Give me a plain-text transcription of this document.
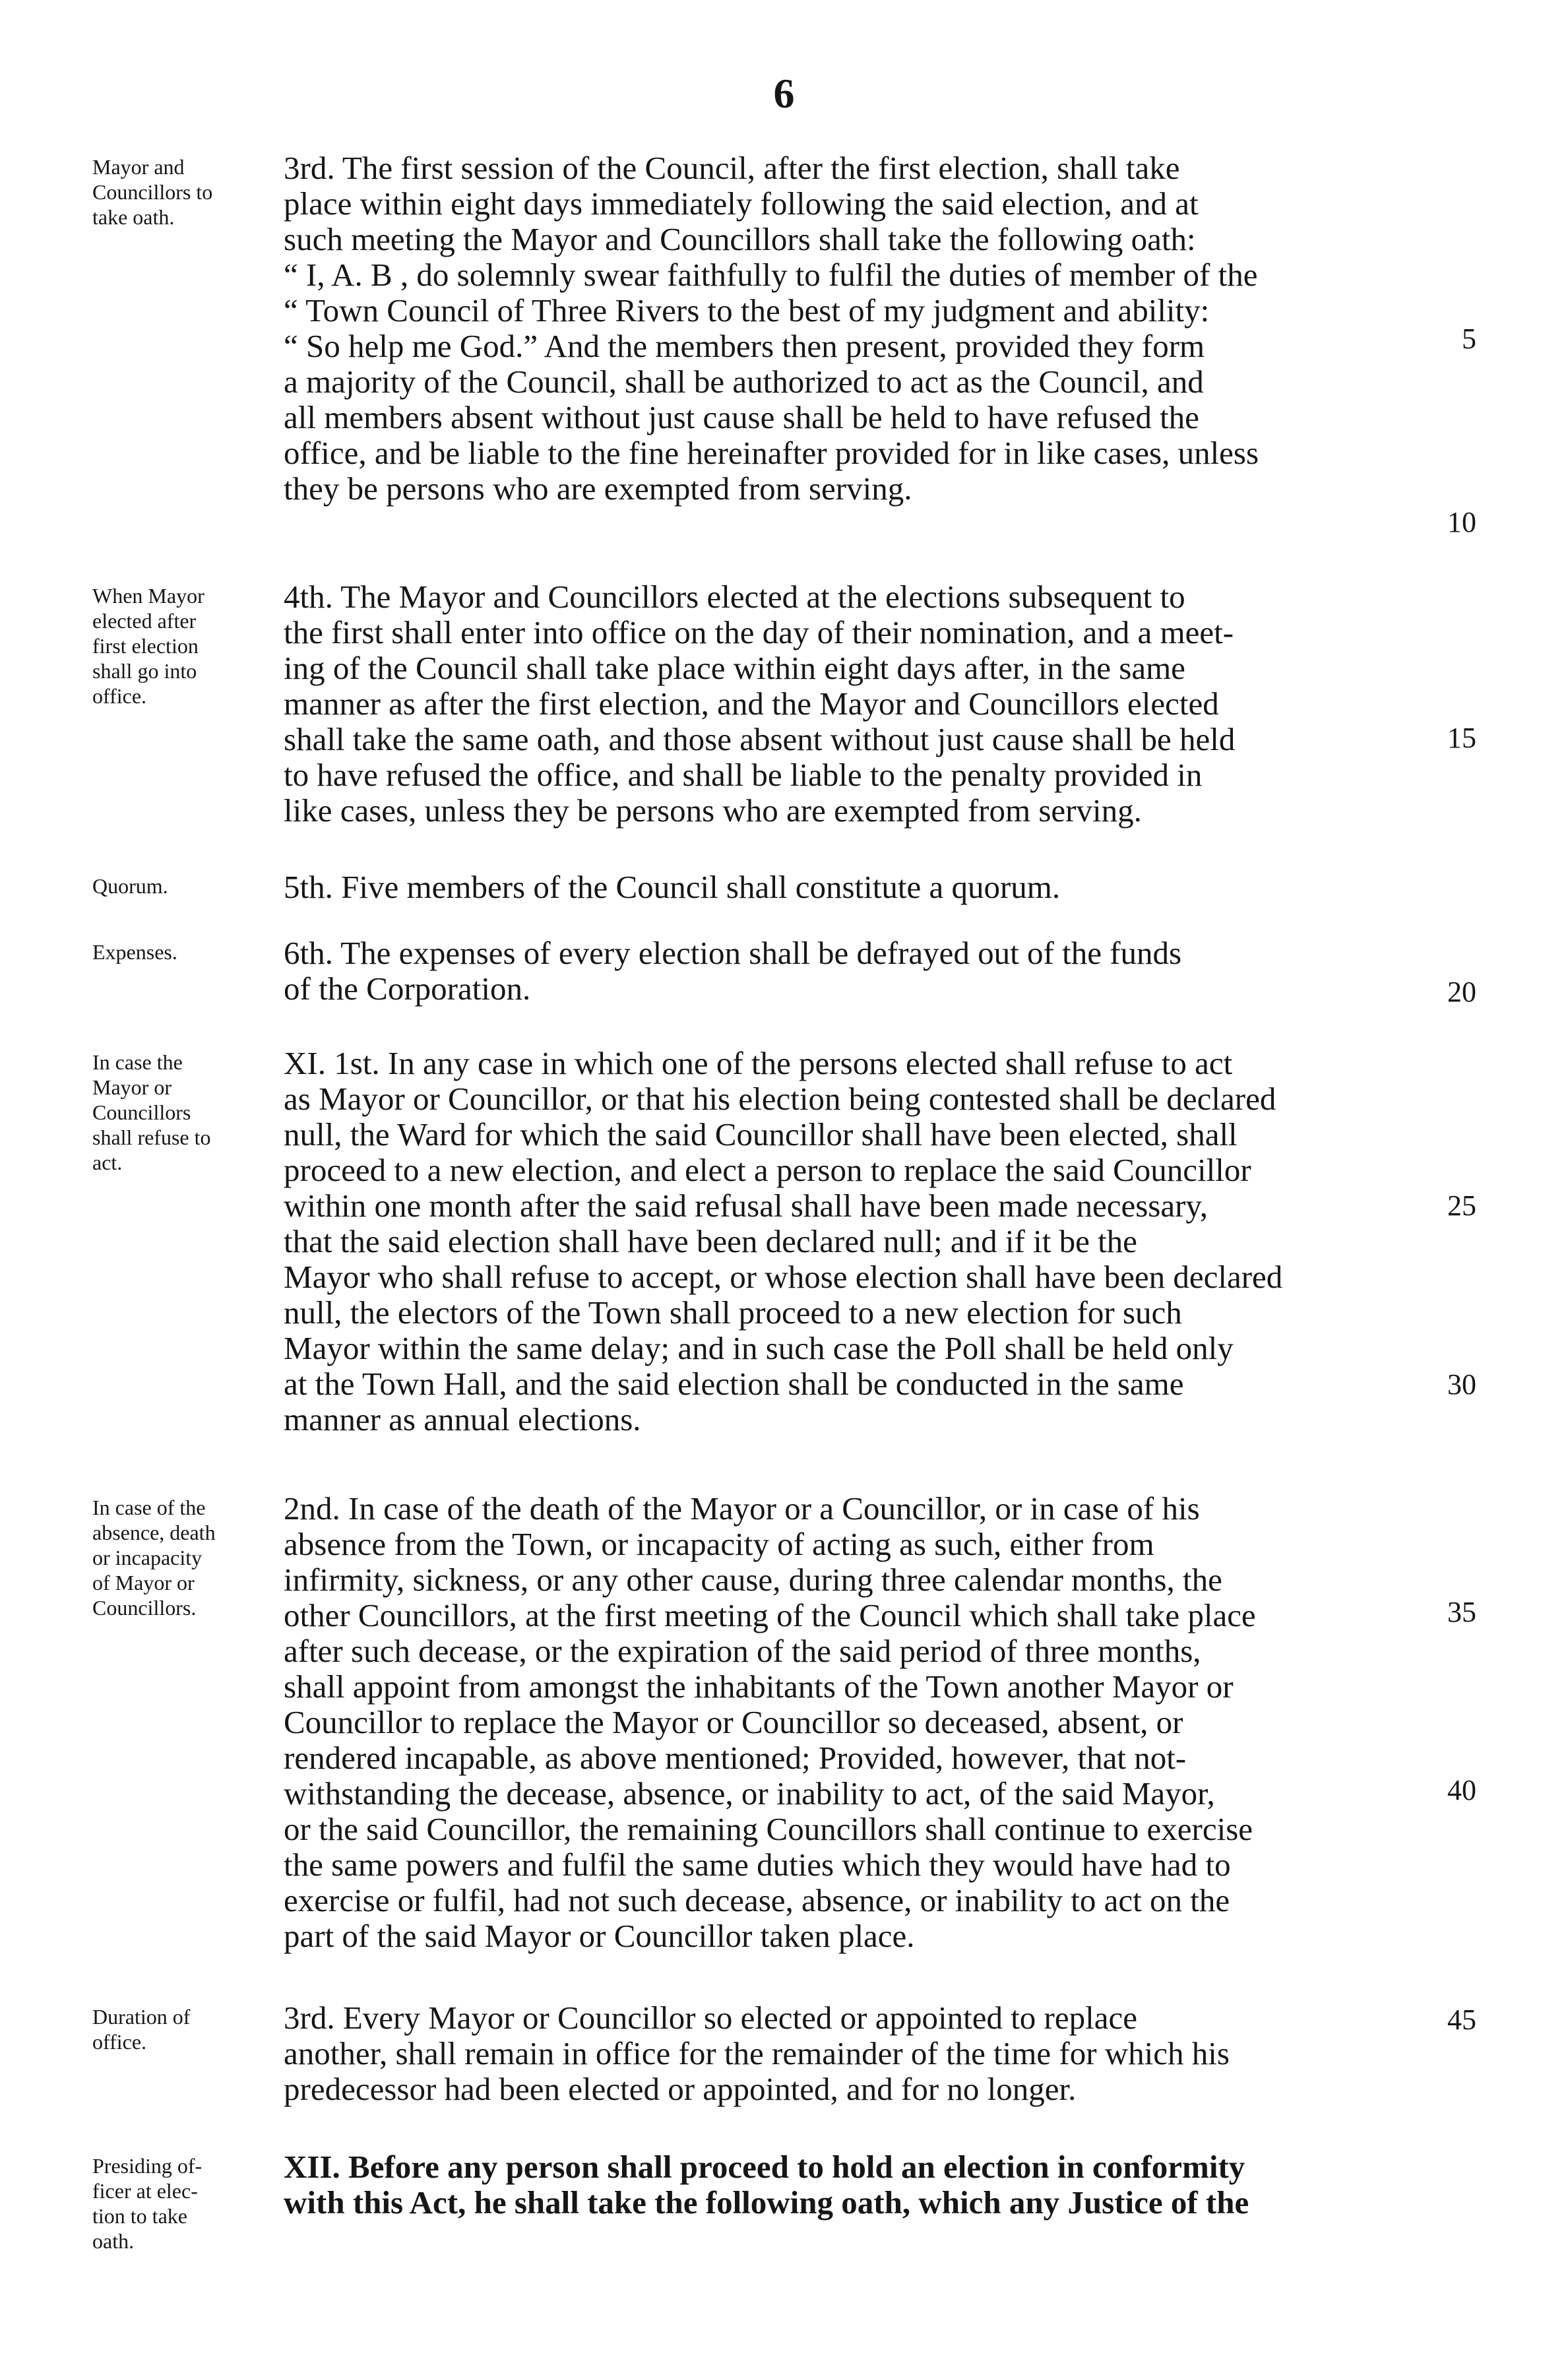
6
Mayor and
Councillors to
take oath.
3rd. The first session of the Council, after the first election, shall take
place within eight days immediately following the said election, and at
such meeting the Mayor and Councillors shall take the following oath:
“ I, A. B , do solemnly swear faithfully to fulfil the duties of member of the
“ Town Council of Three Rivers to the best of my judgment and ability:
“ So help me God.” And the members then present, provided they form
a majority of the Council, shall be authorized to act as the Council, and
all members absent without just cause shall be held to have refused the
office, and be liable to the fine hereinafter provided for in like cases, unless
they be persons who are exempted from serving.
When Mayor
elected after
first election
shall go into
office.
4th. The Mayor and Councillors elected at the elections subsequent to
the first shall enter into office on the day of their nomination, and a meet-
ing of the Council shall take place within eight days after, in the same
manner as after the first election, and the Mayor and Councillors elected
shall take the same oath, and those absent without just cause shall be held
to have refused the office, and shall be liable to the penalty provided in
like cases, unless they be persons who are exempted from serving.
Quorum.	5th. Five members of the Council shall constitute a quorum.
Expenses.	6th. The expenses of every election shall be defrayed out of the funds
of the Corporation.
In case the
Mayor or
Councillors
shall refuse to
act.
XI. 1st. In any case in which one of the persons elected shall refuse to act
as Mayor or Councillor, or that his election being contested shall be declared
null, the Ward for which the said Councillor shall have been elected, shall
proceed to a new election, and elect a person to replace the said Councillor
within one month after the said refusal shall have been made necessary,
that the said election shall have been declared null; and if it be the
Mayor who shall refuse to accept, or whose election shall have been declared
null, the electors of the Town shall proceed to a new election for such
Mayor within the same delay; and in such case the Poll shall be held only
at the Town Hall, and the said election shall be conducted in the same
manner as annual elections.
In case of the
absence, death
or incapacity
of Mayor or
Councillors.
2nd. In case of the death of the Mayor or a Councillor, or in case of his
absence from the Town, or incapacity of acting as such, either from
infirmity, sickness, or any other cause, during three calendar months, the
other Councillors, at the first meeting of the Council which shall take place
after such decease, or the expiration of the said period of three months,
shall appoint from amongst the inhabitants of the Town another Mayor or
Councillor to replace the Mayor or Councillor so deceased, absent, or
rendered incapable, as above mentioned; Provided, however, that not-
withstanding the decease, absence, or inability to act, of the said Mayor,
or the said Councillor, the remaining Councillors shall continue to exercise
the same powers and fulfil the same duties which they would have had to
exercise or fulfil, had not such decease, absence, or inability to act on the
part of the said Mayor or Councillor taken place.
Duration of
office.
3rd. Every Mayor or Councillor so elected or appointed to replace
another, shall remain in office for the remainder of the time for which his
predecessor had been elected or appointed, and for no longer.
Presiding of-
ficer at elec-
tion to take
oath.
XII. Before any person shall proceed to hold an election in conformity
with this Act, he shall take the following oath, which any Justice of the
5
10
15
20
25
30
35
40
45
